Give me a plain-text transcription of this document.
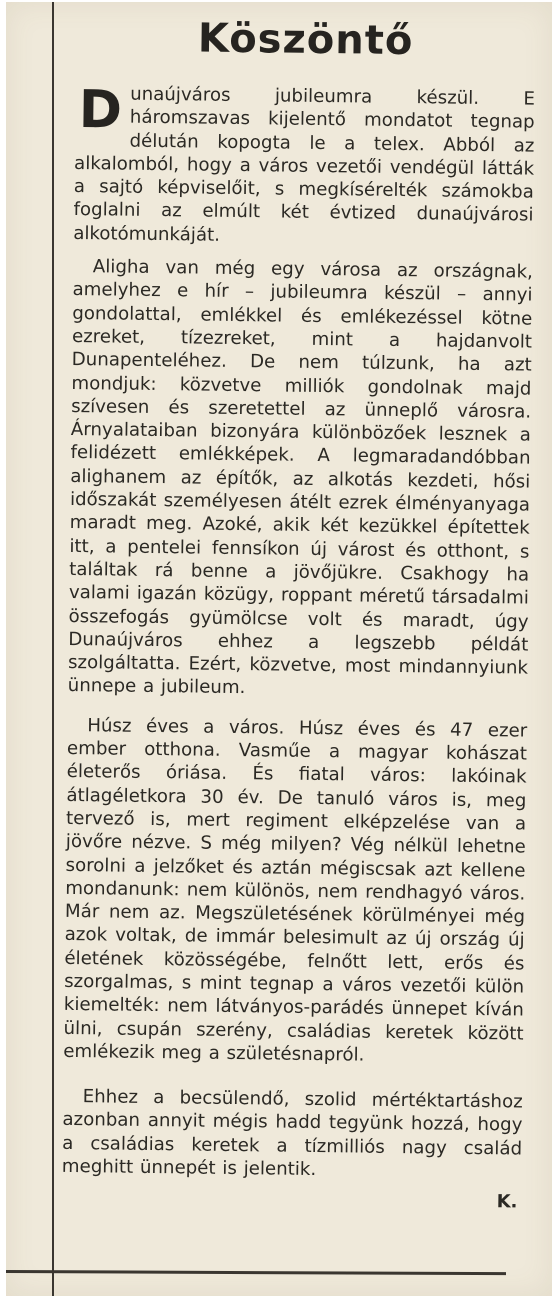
Köszöntő

Dunaújváros jubileumra készül. E háromszavas kijelentő mondatot tegnap délután kopogta le a telex. Abból az alkalomból, hogy a város vezetői vendégül látták a sajtó képviselőit, s megkísérelték számokba foglalni az elmúlt két évtized dunaújvárosi alkotómunkáját.

Aligha van még egy városa az országnak, amelyhez e hír – jubileumra készül – annyi gondolattal, emlékkel és emlékezéssel kötne ezreket, tízezreket, mint a hajdanvolt Dunapenteléhez. De nem túlzunk, ha azt mondjuk: közvetve milliók gondolnak majd szívesen és szeretettel az ünneplő városra. Árnyalataiban bizonyára különbözőek lesznek a felidézett emlékképek. A legmaradandóbban alighanem az építők, az alkotás kezdeti, hősi időszakát személyesen átélt ezrek élményanyaga maradt meg. Azoké, akik két kezükkel építettek itt, a pentelei fennsíkon új várost és otthont, s találtak rá benne a jövőjükre. Csakhogy ha valami igazán közügy, roppant méretű társadalmi összefogás gyümölcse volt és maradt, úgy Dunaújváros ehhez a legszebb példát szolgáltatta. Ezért, közvetve, most mindannyiunk ünnepe a jubileum.

Húsz éves a város. Húsz éves és 47 ezer ember otthona. Vasműe a magyar kohászat életerős óriása. És fiatal város: lakóinak átlagéletkora 30 év. De tanuló város is, meg tervező is, mert regiment elképzelése van a jövőre nézve. S még milyen? Vég nélkül lehetne sorolni a jelzőket és aztán mégiscsak azt kellene mondanunk: nem különös, nem rendhagyó város. Már nem az. Megszületésének körülményei még azok voltak, de immár belesimult az új ország új életének közösségébe, felnőtt lett, erős és szorgalmas, s mint tegnap a város vezetői külön kiemelték: nem látványos-parádés ünnepet kíván ülni, csupán szerény, családias keretek között emlékezik meg a születésnapról.

Ehhez a becsülendő, szolid mértéktartáshoz azonban annyit mégis hadd tegyünk hozzá, hogy a családias keretek a tízmilliós nagy család meghitt ünnepét is jelentik.

K.
